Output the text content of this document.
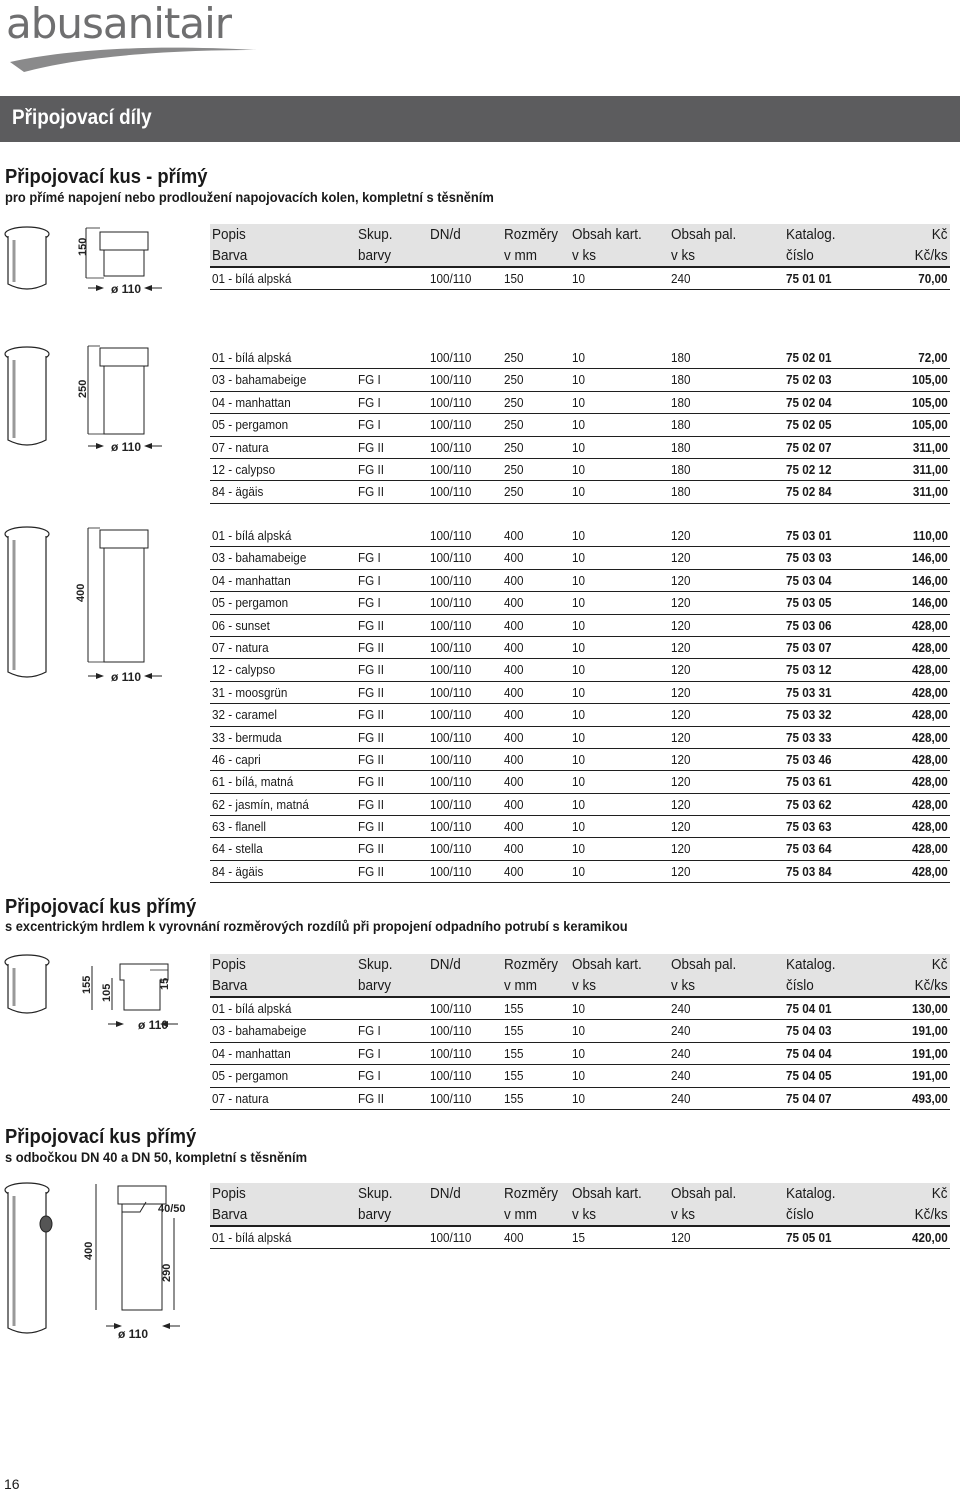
abusanitair
Připojovací díly
Připojovací kus - přímý
pro přímé napojení nebo prodloužení napojovacích kolen, kompletní s těsněním
150
ø 110
Popis	Skup. DN/d	Rozměry Obsah kart. Obsah pal.	Katalog.	Kč
Barva	barvy	v mm v ks	v ks	číslo	Kč/ks
01 - bílá alpská	100/110	150	10	240	75 01 01	70,00
250
ø 110
01 - bílá alpská	100/110	250	10	180	75 02 01	72,00
03 - bahamabeige	FG I	100/110	250	10	180	75 02 03	105,00
04 - manhattan	FG I	100/110	250	10	180	75 02 04	105,00
05 - pergamon	FG I	100/110	250	10	180	75 02 05	105,00
07 - natura	FG II	100/110	250	10	180	75 02 07	311,00
12 - calypso	FG II	100/110	250	10	180	75 02 12	311,00
84 - ägäis	FG II	100/110	250	10	180	75 02 84	311,00
400
ø 110
01 - bílá alpská	100/110	400	10	120	75 03 01	110,00
03 - bahamabeige	FG I	100/110	400	10	120	75 03 03	146,00
04 - manhattan	FG I	100/110	400	10	120	75 03 04	146,00
05 - pergamon	FG I	100/110	400	10	120	75 03 05	146,00
06 - sunset	FG II	100/110	400	10	120	75 03 06	428,00
07 - natura	FG II	100/110	400	10	120	75 03 07	428,00
12 - calypso	FG II	100/110	400	10	120	75 03 12	428,00
31 - moosgrün	FG II	100/110	400	10	120	75 03 31	428,00
32 - caramel	FG II	100/110	400	10	120	75 03 32	428,00
33 - bermuda	FG II	100/110	400	10	120	75 03 33	428,00
46 - capri	FG II	100/110	400	10	120	75 03 46	428,00
61 - bílá, matná	FG II	100/110	400	10	120	75 03 61	428,00
62 - jasmín, matná	FG II	100/110	400	10	120	75 03 62	428,00
63 - flanell	FG II	100/110	400	10	120	75 03 63	428,00
64 - stella	FG II	100/110	400	10	120	75 03 64	428,00
84 - ägäis	FG II	100/110	400	10	120	75 03 84	428,00
Připojovací kus přímý
s excentrickým hrdlem k vyrovnání rozměrových rozdílů při propojení odpadního potrubí s keramikou
155 105	15
ø 110
Popis	Skup. DN/d	Rozměry Obsah kart. Obsah pal.	Katalog.	Kč
Barva	barvy	v mm v ks	v ks	číslo	Kč/ks
01 - bílá alpská	100/110	155	10	240	75 04 01	130,00
03 - bahamabeige	FG I	100/110	155	10	240	75 04 03	191,00
04 - manhattan	FG I	100/110	155	10	240	75 04 04	191,00
05 - pergamon	FG I	100/110	155	10	240	75 04 05	191,00
07 - natura	FG II	100/110	155	10	240	75 04 07	493,00
Připojovací kus přímý
s odbočkou DN 40 a DN 50, kompletní s těsněním
400
40/50
290
ø 110
Popis	Skup. DN/d	Rozměry Obsah kart. Obsah pal.	Katalog.	Kč
Barva	barvy	v mm v ks	v ks	číslo	Kč/ks
01 - bílá alpská	100/110	400	15	120	75 05 01	420,00
16
